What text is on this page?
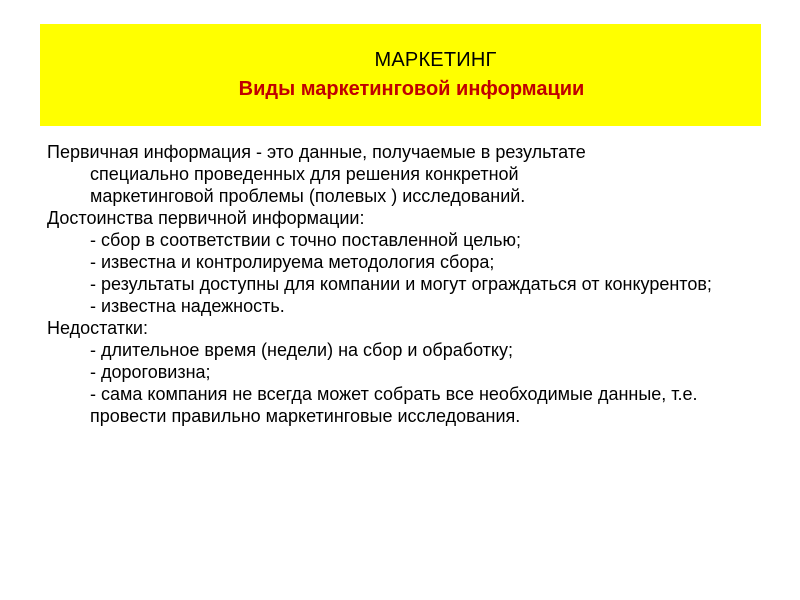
МАРКЕТИНГ
Виды маркетинговой информации

Первичная информация - это данные, получаемые в результате
специально проведенных для решения конкретной
маркетинговой проблемы (полевых ) исследований.

Достоинства первичной информации:

- сбор в соответствии с точно поставленной целью;

- известна и контролируема методология сбора;

- результаты доступны для компании и могут ограждаться от конкурентов;

- известна надежность.

Недостатки:

- длительное время (недели) на сбор и обработку;

- дороговизна;

- сама компания не всегда может собрать все необходимые данные, т.е. провести правильно маркетинговые исследования.
